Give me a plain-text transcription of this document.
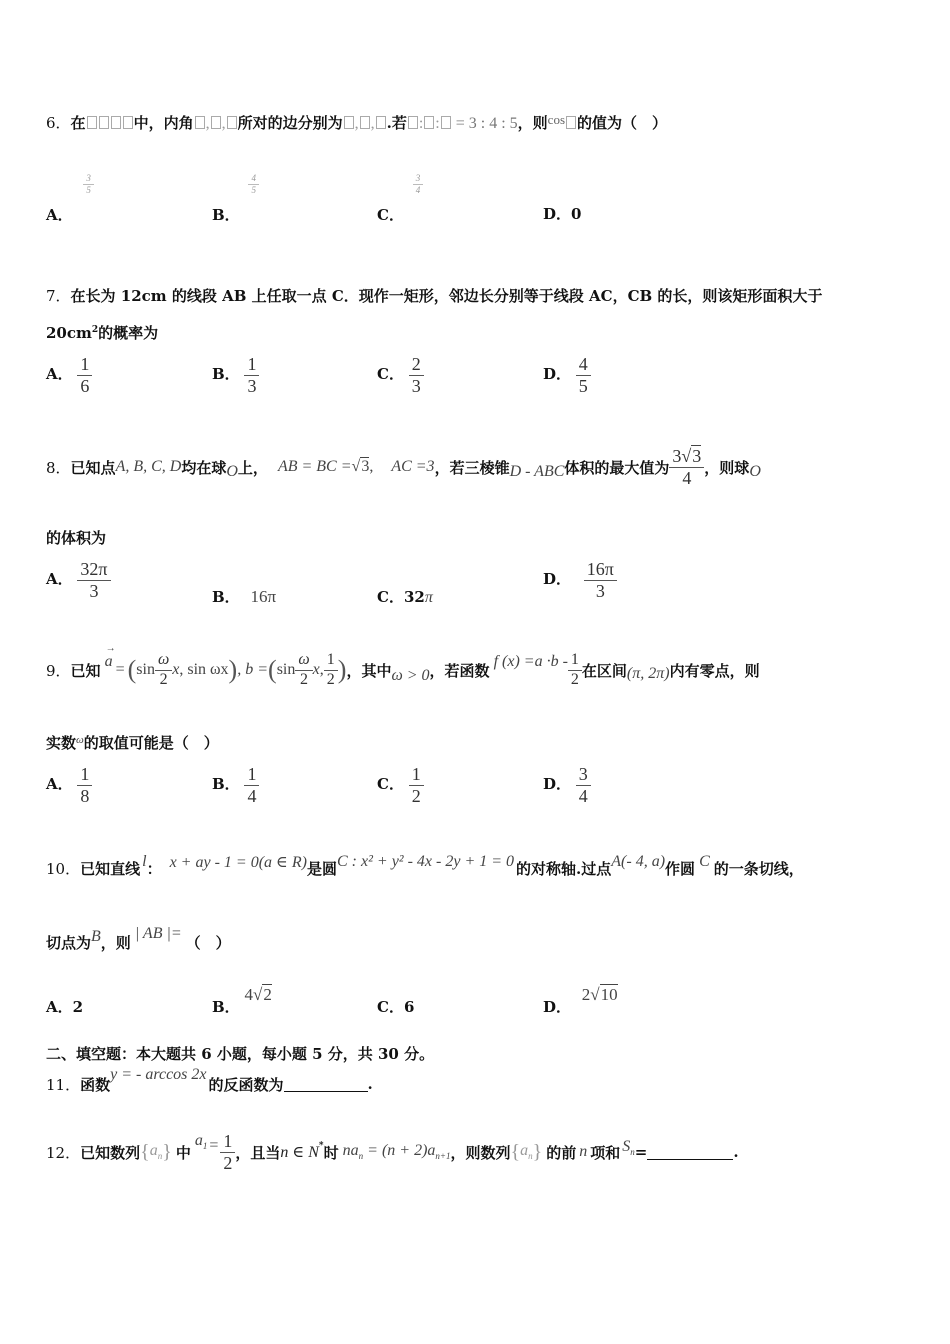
6．在	中，内角 , , 所对的边分别为 , , .若 : : = 3 : 4 : 5，则cos 的值为（　）
A．
$\frac{3}{5}$
B．
$\frac{4}{5}$
C．
$\frac{3}{4}$
D．0
7．在长为 12cm 的线段 AB 上任取一点 C．现作一矩形，邻边长分别等于线段 AC，CB 的长，则该矩形面积大于
$20cm^2$的概率为
A． $\frac{1}{6}$	B． $\frac{1}{3}$	C． $\frac{2}{3}$	D． $\frac{4}{5}$
8． 已知点 A, B, C, D 均在球 O 上， AB = BC = √3 , AC =3 ，若三棱锥 D - ABC 体积的最大值为 $\frac{3√3}{4}$ ，则球 O
的体积为
A． $\frac{32\pi}{3}$	B． 16π	C．32π
D． $\frac{16\pi}{3}$
9． 已知
→
a = ( $\sin \frac{\omega}{2}$ x , sin ωx ) , b = ( $\sin \frac{\omega}{2}$ x , $\frac{1}{2}$ ) ，其中 ω > 0 ，若函数 f $(x) = a \cdot b - \frac{1}{2}$ 在区间 (π, 2π) 内有零点，则
实数$^\omega$的取值可能是（　）
A． $\frac{1}{8}$	B． $\frac{1}{4}$	C． $\frac{1}{2}$	D． $\frac{3}{4}$
10． 已知直线 l ： x + ay - 1 = 0(a ∈ R) 是圆 C : x² + y² - 4x - 2y + 1 = 0 的对称轴.过点 A(- 4, a) 作圆 C 的一条切线，
切点为 B ，则 | AB |= （　）
A．2	B． 4√2
C．6	D． 2√10
二、填空题：本大题共 6 小题，每小题 5 分，共 30 分。
11． 函数
y = - arccos 2x
的反函数为	.
12． 已知数列 { $a_n$ } 中
$a_1 = \frac{1}{2}$ ，且当 n ∈ N* 时 $na_n = (n + 2)a_{n+1}$ ，则数列 { $a_n$ } 的前 n 项和 $S_n$ =	.
